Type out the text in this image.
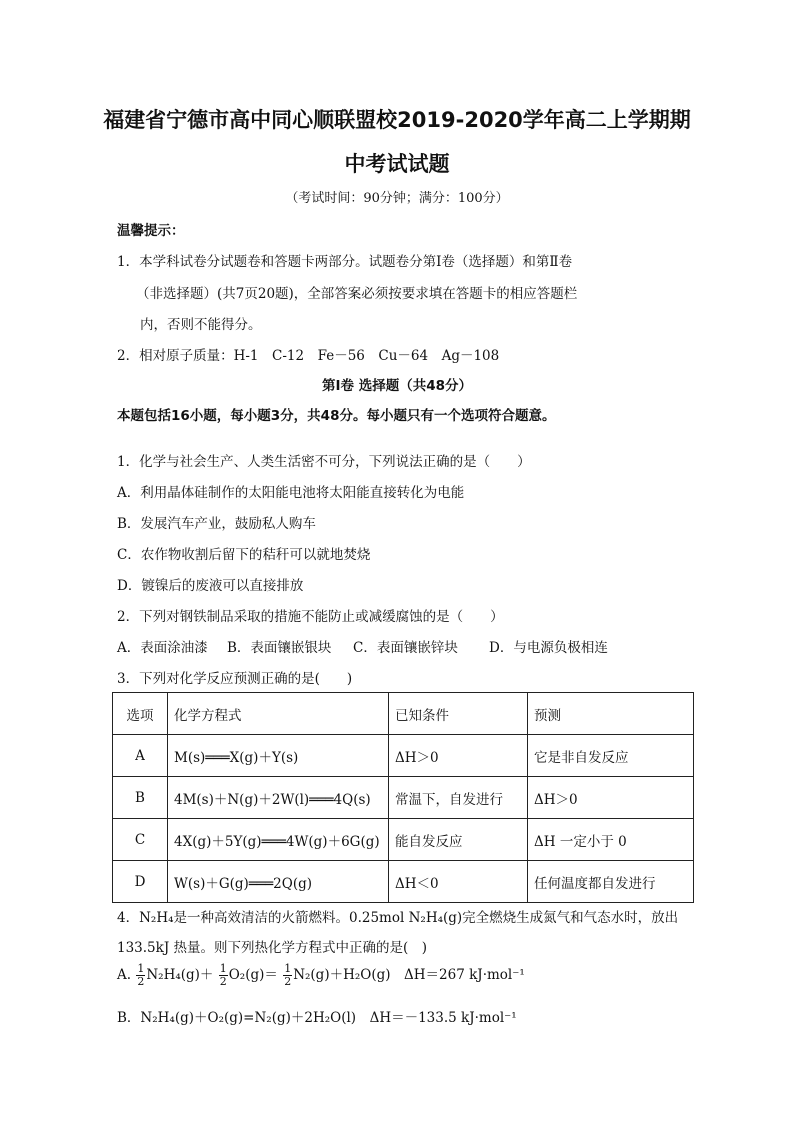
福建省宁德市高中同心顺联盟校2019-2020学年高二上学期期
中考试试题
（考试时间：90分钟；满分：100分）
温馨提示：
1．本学科试卷分试题卷和答题卡两部分。试题卷分第Ⅰ卷（选择题）和第Ⅱ卷
（非选择题）(共7页20题)，全部答案必须按要求填在答题卡的相应答题栏
内，否则不能得分。
2．相对原子质量：H-1　C-12　Fe－56　Cu－64　Ag－108
第Ⅰ卷 选择题（共48分）
本题包括16小题，每小题3分，共48分。每小题只有一个选项符合题意。
1．化学与社会生产、人类生活密不可分，下列说法正确的是（　　）
A．利用晶体硅制作的太阳能电池将太阳能直接转化为电能
B．发展汽车产业，鼓励私人购车
C．农作物收割后留下的秸秆可以就地焚烧
D．镀镍后的废液可以直接排放
2．下列对钢铁制品采取的措施不能防止或减缓腐蚀的是（　　）
A．表面涂油漆 B．表面镶嵌银块 C．表面镶嵌锌块 D．与电源负极相连
3．下列对化学反应预测正确的是(　　)
选项	化学方程式	已知条件	预测
A	M(s)═══X(g)＋Y(s)	ΔH＞0	它是非自发反应
B	4M(s)＋N(g)＋2W(l)═══4Q(s)	常温下，自发进行	ΔH＞0
C	4X(g)＋5Y(g)═══4W(g)＋6G(g)	能自发反应	ΔH 一定小于 0
D	W(s)＋G(g)═══2Q(g)	ΔH＜0	任何温度都自发进行
4．N₂H₄是一种高效清洁的火箭燃料。0.25mol N₂H₄(g)完全燃烧生成氮气和气态水时，放出
133.5kJ 热量。则下列热化学方程式中正确的是(　)
A. $\frac{1}{2} N_2H_4(g)+ \frac{1}{2} O_2(g)= \frac{1}{2} N_2(g)+H_2O(g)$　ΔH＝267 kJ·mol⁻¹
B．N₂H₄(g)＋O₂(g)=N₂(g)＋2H₂O(l)　ΔH＝－133.5 kJ·mol⁻¹
